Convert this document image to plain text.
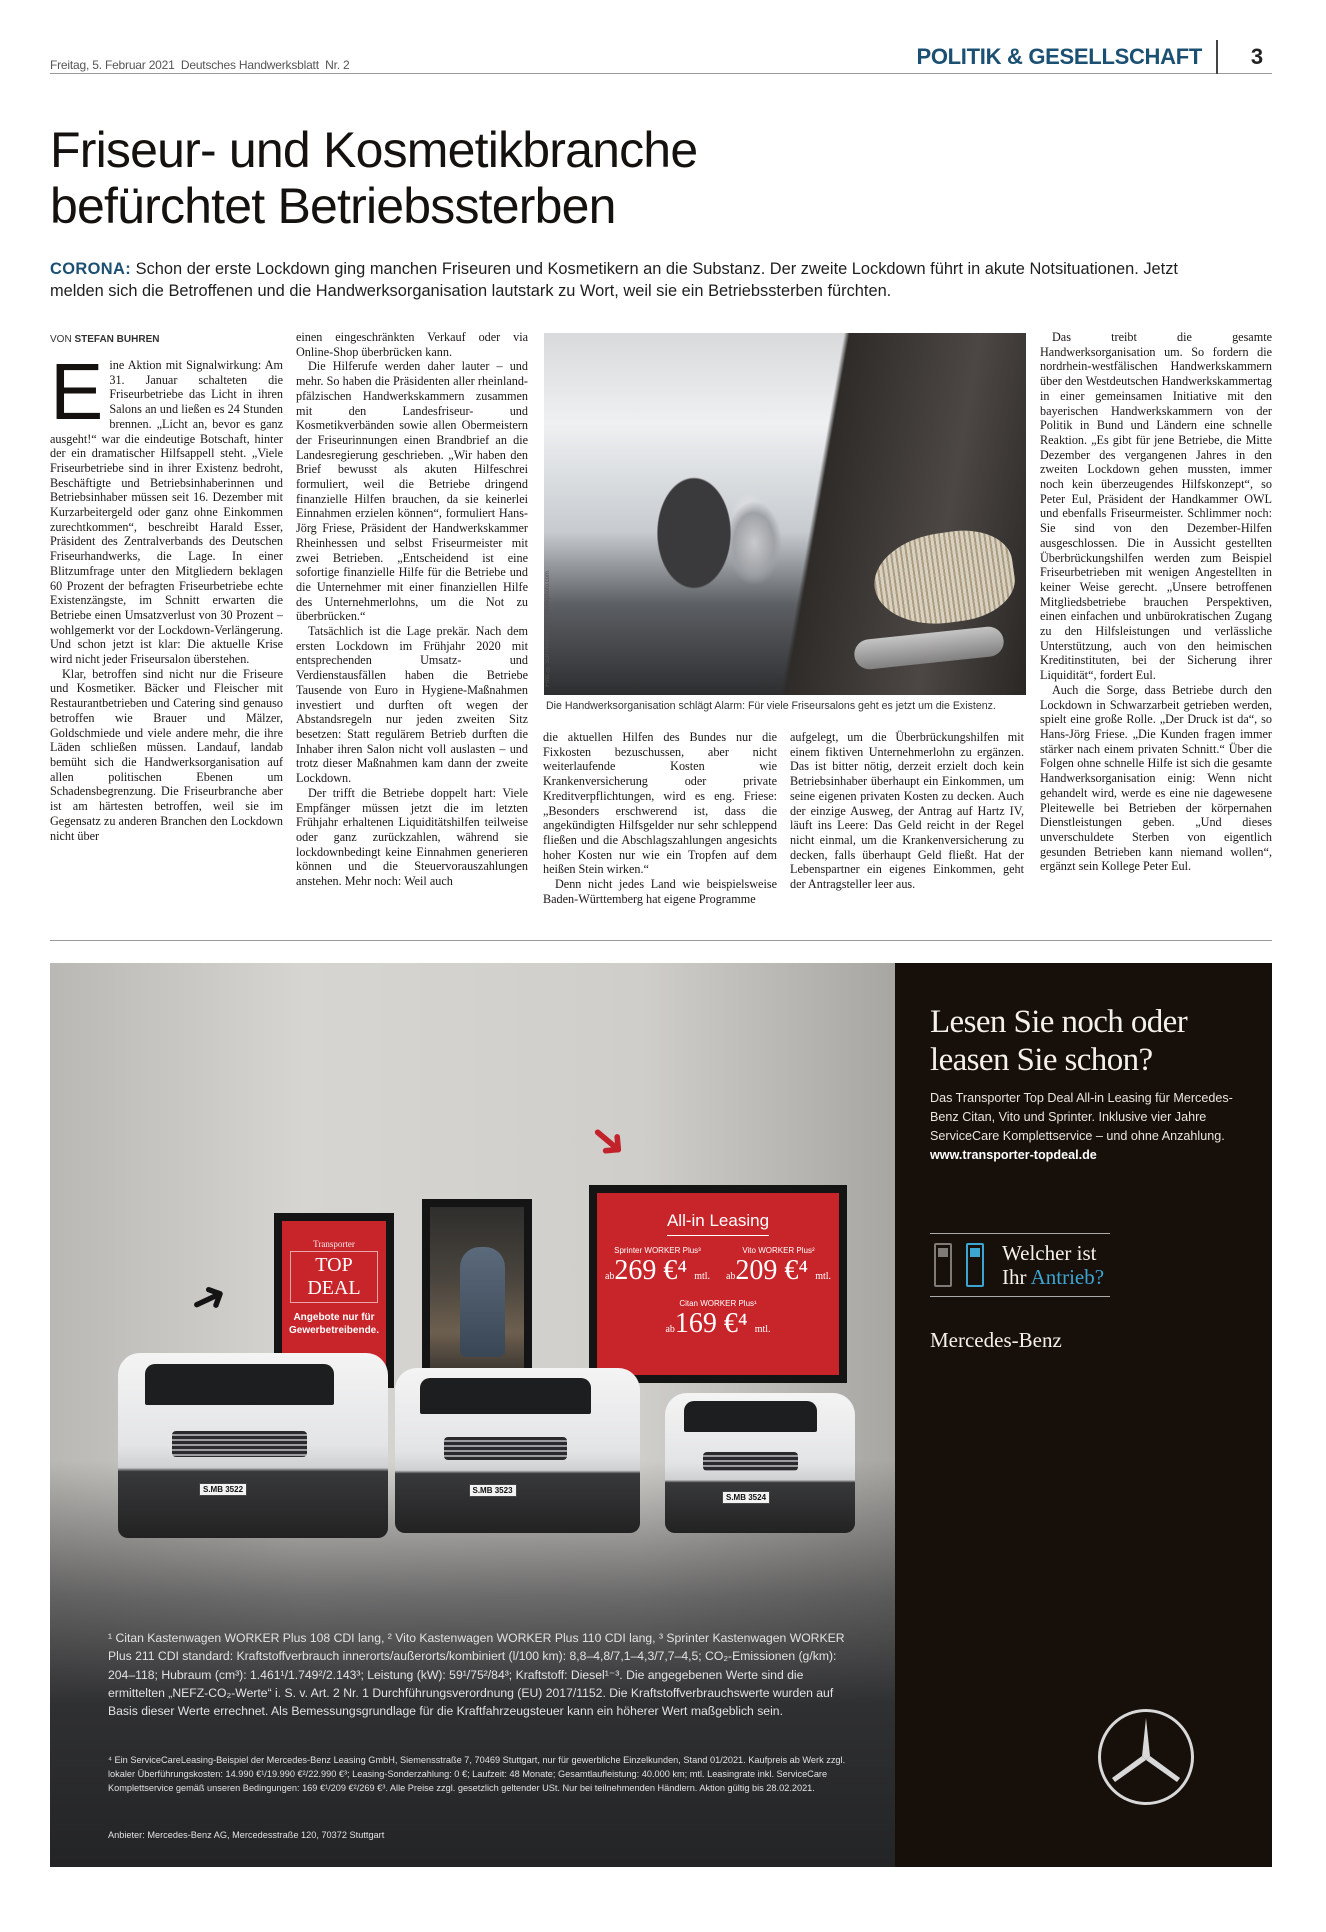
Freitag, 5. Februar 2021 Deutsches Handwerksblatt Nr. 2	POLITIK & GESELLSCHAFT	3
Friseur- und Kosmetikbranche
befürchtet Betriebssterben
CORONA: Schon der erste Lockdown ging manchen Friseuren und Kosmetikern an die Substanz. Der zweite Lockdown führt in akute Notsituationen. Jetzt melden sich die Betroffenen und die Handwerksorganisation lautstark zu Wort, weil sie ein Betriebssterben fürchten.
VON STEFAN BUHREN
E ine Aktion mit Signalwirkung: Am 31. Januar schalteten die Friseurbetriebe das Licht in ihren Salons an und ließen es 24 Stunden brennen. „Licht an, bevor es ganz ausgeht!“ war die eindeutige Botschaft, hinter der ein dramatischer Hilfsappell steht. „Viele Friseurbetriebe sind in ihrer Existenz bedroht, Beschäftigte und Betriebsinhaberinnen und Betriebsinhaber müssen seit 16. Dezember mit Kurzarbeitergeld oder ganz ohne Einkommen zurechtkommen“, beschreibt Harald Esser, Präsident des Zentralverbands des Deutschen Friseurhandwerks, die Lage. In einer Blitzumfrage unter den Mitgliedern beklagen 60 Prozent der befragten Friseurbetriebe echte Existenzängste, im Schnitt erwarten die Betriebe einen Umsatzverlust von 30 Prozent – wohlgemerkt vor der Lockdown-Verlängerung. Und schon jetzt ist klar: Die aktuelle Krise wird nicht jeder Friseursalon überstehen.

Klar, betroffen sind nicht nur die Friseure und Kosmetiker. Bäcker und Fleischer mit Restaurantbetrieben und Catering sind genauso betroffen wie Brauer und Mälzer, Goldschmiede und viele andere mehr, die ihre Läden schließen müssen. Landauf, landab bemüht sich die Handwerksorganisation auf allen politischen Ebenen um Schadensbegrenzung. Die Friseurbranche aber ist am härtesten betroffen, weil sie im Gegensatz zu anderen Branchen den Lockdown nicht über

einen eingeschränkten Verkauf oder via Online-Shop überbrücken kann.

Die Hilferufe werden daher lauter – und mehr. So haben die Präsidenten aller rheinland-pfälzischen Handwerkskammern zusammen mit den Landesfriseur- und Kosmetikverbänden sowie allen Obermeistern der Friseurinnungen einen Brandbrief an die Landesregierung geschrieben. „Wir haben den Brief bewusst als akuten Hilfeschrei formuliert, weil die Betriebe dringend finanzielle Hilfen brauchen, da sie keinerlei Einnahmen erzielen können“, formuliert Hans-Jörg Friese, Präsident der Handwerkskammer Rheinhessen und selbst Friseurmeister mit zwei Betrieben. „Entscheidend ist eine sofortige finanzielle Hilfe für die Betriebe und die Unternehmer mit einer finanziellen Hilfe des Unternehmerlohns, um die Not zu überbrücken.“

Tatsächlich ist die Lage prekär. Nach dem ersten Lockdown im Frühjahr 2020 mit entsprechenden Umsatz- und Verdienstausfällen haben die Betriebe Tausende von Euro in Hygiene-Maßnahmen investiert und durften oft wegen der Abstandsregeln nur jeden zweiten Sitz besetzen: Statt regulärem Betrieb durften die Inhaber ihren Salon nicht voll auslasten – und trotz dieser Maßnahmen kam dann der zweite Lockdown.

Der trifft die Betriebe doppelt hart: Viele Empfänger müssen jetzt die im letzten Frühjahr erhaltenen Liquiditätshilfen teilweise oder ganz zurückzahlen, während sie lockdownbedingt keine Einnahmen generieren können und die Steuervorauszahlungen anstehen. Mehr noch: Weil auch

Foto: © SDI Productions / iStockphoto.com
Die Handwerksorganisation schlägt Alarm: Für viele Friseursalons geht es jetzt um die Existenz.

die aktuellen Hilfen des Bundes nur die Fixkosten bezuschussen, aber nicht weiterlaufende Kosten wie Krankenversicherung oder private Kreditverpflichtungen, wird es eng. Friese: „Besonders erschwerend ist, dass die angekündigten Hilfsgelder nur sehr schleppend fließen und die Abschlagszahlungen angesichts hoher Kosten nur wie ein Tropfen auf dem heißen Stein wirken.“

Denn nicht jedes Land wie beispielsweise Baden-Württemberg hat eigene Programme

aufgelegt, um die Überbrückungshilfen mit einem fiktiven Unternehmerlohn zu ergänzen. Das ist bitter nötig, derzeit erzielt doch kein Betriebsinhaber überhaupt ein Einkommen, um seine eigenen privaten Kosten zu decken. Auch der einzige Ausweg, der Antrag auf Hartz IV, läuft ins Leere: Das Geld reicht in der Regel nicht einmal, um die Krankenversicherung zu decken, falls überhaupt Geld fließt. Hat der Lebenspartner ein eigenes Einkommen, geht der Antragsteller leer aus.

Das treibt die gesamte Handwerksorganisation um. So fordern die nordrhein-westfälischen Handwerkskammern über den Westdeutschen Handwerkskammertag in einer gemeinsamen Initiative mit den bayerischen Handwerkskammern von der Politik in Bund und Ländern eine schnelle Reaktion. „Es gibt für jene Betriebe, die Mitte Dezember des vergangenen Jahres in den zweiten Lockdown gehen mussten, immer noch kein überzeugendes Hilfskonzept“, so Peter Eul, Präsident der Handkammer OWL und ebenfalls Friseurmeister. Schlimmer noch: Sie sind von den Dezember-Hilfen ausgeschlossen. Die in Aussicht gestellten Überbrückungshilfen werden zum Beispiel Friseurbetrieben mit wenigen Angestellten in keiner Weise gerecht. „Unsere betroffenen Mitgliedsbetriebe brauchen Perspektiven, einen einfachen und unbürokratischen Zugang zu den Hilfsleistungen und verlässliche Unterstützung, auch von den heimischen Kreditinstituten, bei der Sicherung ihrer Liquidität“, fordert Eul.

Auch die Sorge, dass Betriebe durch den Lockdown in Schwarzarbeit getrieben werden, spielt eine große Rolle. „Der Druck ist da“, so Hans-Jörg Friese. „Die Kunden fragen immer stärker nach einem privaten Schnitt.“ Über die Folgen ohne schnelle Hilfe ist sich die gesamte Handwerksorganisation einig: Wenn nicht gehandelt wird, werde es eine nie dagewesene Pleitewelle bei Betrieben der körpernahen Dienstleistungen geben. „Und dieses unverschuldete Sterben von eigentlich gesunden Betrieben kann niemand wollen“, ergänzt sein Kollege Peter Eul.

➜
➜
Transporter
TOP DEAL
Angebote nur für Gewerbetreibende.
All-in Leasing
Sprinter WORKER Plus³
ab269 €⁴ mtl.
Vito WORKER Plus²
ab209 €⁴ mtl.
Citan WORKER Plus¹
ab169 €⁴ mtl.
S.MB 3522	S.MB 3523
S.MB 3524
¹ Citan Kastenwagen WORKER Plus 108 CDI lang, ² Vito Kastenwagen WORKER Plus 110 CDI lang, ³ Sprinter Kastenwagen WORKER Plus 211 CDI standard: Kraftstoffverbrauch innerorts/außerorts/kombiniert (l/100 km): 8,8–4,8/7,1–4,3/7,7–4,5; CO₂-Emissionen (g/km): 204–118; Hubraum (cm³): 1.461¹/1.749²/2.143³; Leistung (kW): 59¹/75²/84³; Kraftstoff: Diesel¹⁻³. Die angegebenen Werte sind die ermittelten „NEFZ-CO₂-Werte“ i. S. v. Art. 2 Nr. 1 Durchführungsverordnung (EU) 2017/1152. Die Kraftstoffverbrauchswerte wurden auf Basis dieser Werte errechnet. Als Bemessungsgrundlage für die Kraftfahrzeugsteuer kann ein höherer Wert maßgeblich sein.
⁴ Ein ServiceCareLeasing-Beispiel der Mercedes-Benz Leasing GmbH, Siemensstraße 7, 70469 Stuttgart, nur für gewerbliche Einzelkunden, Stand 01/2021. Kaufpreis ab Werk zzgl. lokaler Überführungskosten: 14.990 €¹/19.990 €²/22.990 €³; Leasing-Sonderzahlung: 0 €; Laufzeit: 48 Monate; Gesamtlaufleistung: 40.000 km; mtl. Leasingrate inkl. ServiceCare Komplettservice gemäß unseren Bedingungen: 169 €¹/209 €²/269 €³. Alle Preise zzgl. gesetzlich geltender USt. Nur bei teilnehmenden Händlern. Aktion gültig bis 28.02.2021.
Anbieter: Mercedes-Benz AG, Mercedesstraße 120, 70372 Stuttgart
Lesen Sie noch oder leasen Sie schon?
Das Transporter Top Deal All-in Leasing für Mercedes-Benz Citan, Vito und Sprinter. Inklusive vier Jahre ServiceCare Komplettservice – und ohne Anzahlung. www.transporter-topdeal.de
Welcher ist
Ihr Antrieb?
Mercedes-Benz
